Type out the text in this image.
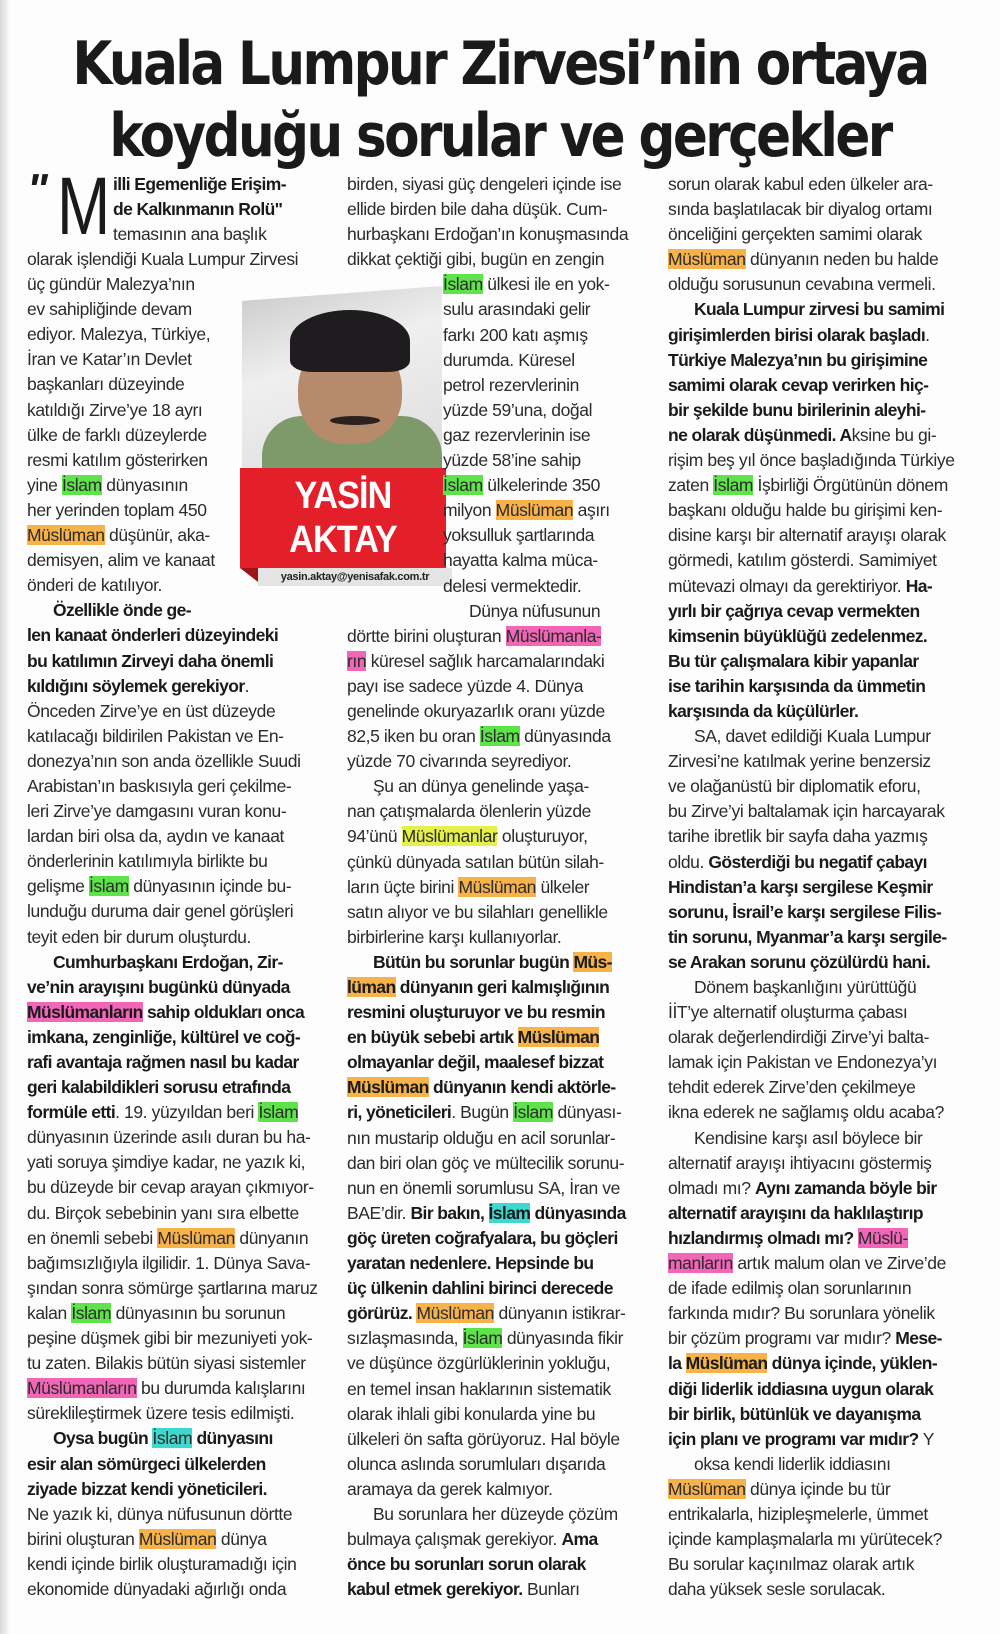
Kuala Lumpur Zirvesi’nin ortaya
koyduğu sorular ve gerçekler
" M illi Egemenliğe Erişim-
de Kalkınmanın Rolü"
temasının ana başlık
olarak işlendiği Kuala Lumpur Zirvesi
üç gündür Malezya’nın
ev sahipliğinde devam
ediyor. Malezya, Türkiye,
İran ve Katar’ın Devlet
başkanları düzeyinde
katıldığı Zirve’ye 18 ayrı
ülke de farklı düzeylerde
resmi katılım gösterirken
yine İslam dünyasının
her yerinden toplam 450
Müslüman düşünür, aka-
demisyen, alim ve kanaat
önderi de katılıyor.
Özellikle önde ge-
len kanaat önderleri düzeyindeki
bu katılımın Zirveyi daha önemli
kıldığını söylemek gerekiyor.
Önceden Zirve’ye en üst düzeyde
katılacağı bildirilen Pakistan ve En-
donezya’nın son anda özellikle Suudi
Arabistan’ın baskısıyla geri çekilme-
leri Zirve’ye damgasını vuran konu-
lardan biri olsa da, aydın ve kanaat
önderlerinin katılımıyla birlikte bu
gelişme İslam dünyasının içinde bu-
lunduğu duruma dair genel görüşleri
teyit eden bir durum oluşturdu.
Cumhurbaşkanı Erdoğan, Zir-
ve’nin arayışını bugünkü dünyada
Müslümanların sahip oldukları onca
imkana, zenginliğe, kültürel ve coğ-
rafi avantaja rağmen nasıl bu kadar
geri kalabildikleri sorusu etrafında
formüle etti. 19. yüzyıldan beri İslam
dünyasının üzerinde asılı duran bu ha-
yati soruya şimdiye kadar, ne yazık ki,
bu düzeyde bir cevap arayan çıkmıyor-
du. Birçok sebebinin yanı sıra elbette
en önemli sebebi Müslüman dünyanın
bağımsızlığıyla ilgilidir. 1. Dünya Sava-
şından sonra sömürge şartlarına maruz
kalan İslam dünyasının bu sorunun
peşine düşmek gibi bir mezuniyeti yok-
tu zaten. Bilakis bütün siyasi sistemler
Müslümanların bu durumda kalışlarını
süreklileştirmek üzere tesis edilmişti.
Oysa bugün İslam dünyasını
esir alan sömürgeci ülkelerden
ziyade bizzat kendi yöneticileri.
Ne yazık ki, dünya nüfusunun dörtte
birini oluşturan Müslüman dünya
kendi içinde birlik oluşturamadığı için
ekonomide dünyadaki ağırlığı onda
YASİN
AKTAY
yasin.aktay@yenisafak.com.tr
birden, siyasi güç dengeleri içinde ise
ellide birden bile daha düşük. Cum-
hurbaşkanı Erdoğan’ın konuşmasında
dikkat çektiği gibi, bugün en zengin
İslam ülkesi ile en yok-
sulu arasındaki gelir
farkı 200 katı aşmış
durumda. Küresel
petrol rezervlerinin
yüzde 59’una, doğal
gaz rezervlerinin ise
yüzde 58’ine sahip
İslam ülkelerinde 350
milyon Müslüman aşırı
yoksulluk şartlarında
hayatta kalma müca-
delesi vermektedir.
Dünya nüfusunun
dörtte birini oluşturan Müslümanla-
rın küresel sağlık harcamalarındaki
payı ise sadece yüzde 4. Dünya
genelinde okuryazarlık oranı yüzde
82,5 iken bu oran İslam dünyasında
yüzde 70 civarında seyrediyor.
Şu an dünya genelinde yaşa-
nan çatışmalarda ölenlerin yüzde
94’ünü Müslümanlar oluşturuyor,
çünkü dünyada satılan bütün silah-
ların üçte birini Müslüman ülkeler
satın alıyor ve bu silahları genellikle
birbirlerine karşı kullanıyorlar.
Bütün bu sorunlar bugün Müs-
lüman dünyanın geri kalmışlığının
resmini oluşturuyor ve bu resmin
en büyük sebebi artık Müslüman
olmayanlar değil, maalesef bizzat
Müslüman dünyanın kendi aktörle-
ri, yöneticileri. Bugün İslam dünyası-
nın mustarip olduğu en acil sorunlar-
dan biri olan göç ve mültecilik sorunu-
nun en önemli sorumlusu SA, İran ve
BAE’dir. Bir bakın, İslam dünyasında
göç üreten coğrafyalara, bu göçleri
yaratan nedenlere. Hepsinde bu
üç ülkenin dahlini birinci derecede
görürüz. Müslüman dünyanın istikrar-
sızlaşmasında, İslam dünyasında fikir
ve düşünce özgürlüklerinin yokluğu,
en temel insan haklarının sistematik
olarak ihlali gibi konularda yine bu
ülkeleri ön safta görüyoruz. Hal böyle
olunca aslında sorumluları dışarıda
aramaya da gerek kalmıyor.
Bu sorunlara her düzeyde çözüm
bulmaya çalışmak gerekiyor. Ama
önce bu sorunları sorun olarak
kabul etmek gerekiyor. Bunları
sorun olarak kabul eden ülkeler ara-
sında başlatılacak bir diyalog ortamı
önceliğini gerçekten samimi olarak
Müslüman dünyanın neden bu halde
olduğu sorusunun cevabına vermeli.
Kuala Lumpur zirvesi bu samimi
girişimlerden birisi olarak başladı.
Türkiye Malezya’nın bu girişimine
samimi olarak cevap verirken hiç-
bir şekilde bunu birilerinin aleyhi-
ne olarak düşünmedi. Aksine bu gi-
rişim beş yıl önce başladığında Türkiye
zaten İslam İşbirliği Örgütünün dönem
başkanı olduğu halde bu girişimi ken-
disine karşı bir alternatif arayışı olarak
görmedi, katılım gösterdi. Samimiyet
mütevazi olmayı da gerektiriyor. Ha-
yırlı bir çağrıya cevap vermekten
kimsenin büyüklüğü zedelenmez.
Bu tür çalışmalara kibir yapanlar
ise tarihin karşısında da ümmetin
karşısında da küçülürler.
SA, davet edildiği Kuala Lumpur
Zirvesi’ne katılmak yerine benzersiz
ve olağanüstü bir diplomatik eforu,
bu Zirve’yi baltalamak için harcayarak
tarihe ibretlik bir sayfa daha yazmış
oldu. Gösterdiği bu negatif çabayı
Hindistan’a karşı sergilese Keşmir
sorunu, İsrail’e karşı sergilese Filis-
tin sorunu, Myanmar’a karşı sergile-
se Arakan sorunu çözülürdü hani.
Dönem başkanlığını yürüttüğü
İİT’ye alternatif oluşturma çabası
olarak değerlendirdiği Zirve’yi balta-
lamak için Pakistan ve Endonezya’yı
tehdit ederek Zirve’den çekilmeye
ikna ederek ne sağlamış oldu acaba?
Kendisine karşı asıl böylece bir
alternatif arayışı ihtiyacını göstermiş
olmadı mı? Aynı zamanda böyle bir
alternatif arayışını da haklılaştırıp
hızlandırmış olmadı mı? Müslü-
manların artık malum olan ve Zirve’de
de ifade edilmiş olan sorunlarının
farkında mıdır? Bu sorunlara yönelik
bir çözüm programı var mıdır? Mese-
la Müslüman dünya içinde, yüklen-
diği liderlik iddiasına uygun olarak
bir birlik, bütünlük ve dayanışma
için planı ve programı var mıdır? Y
oksa kendi liderlik iddiasını
Müslüman dünya içinde bu tür
entrikalarla, hizipleşmelerle, ümmet
içinde kamplaşmalarla mı yürütecek?
Bu sorular kaçınılmaz olarak artık
daha yüksek sesle sorulacak.
